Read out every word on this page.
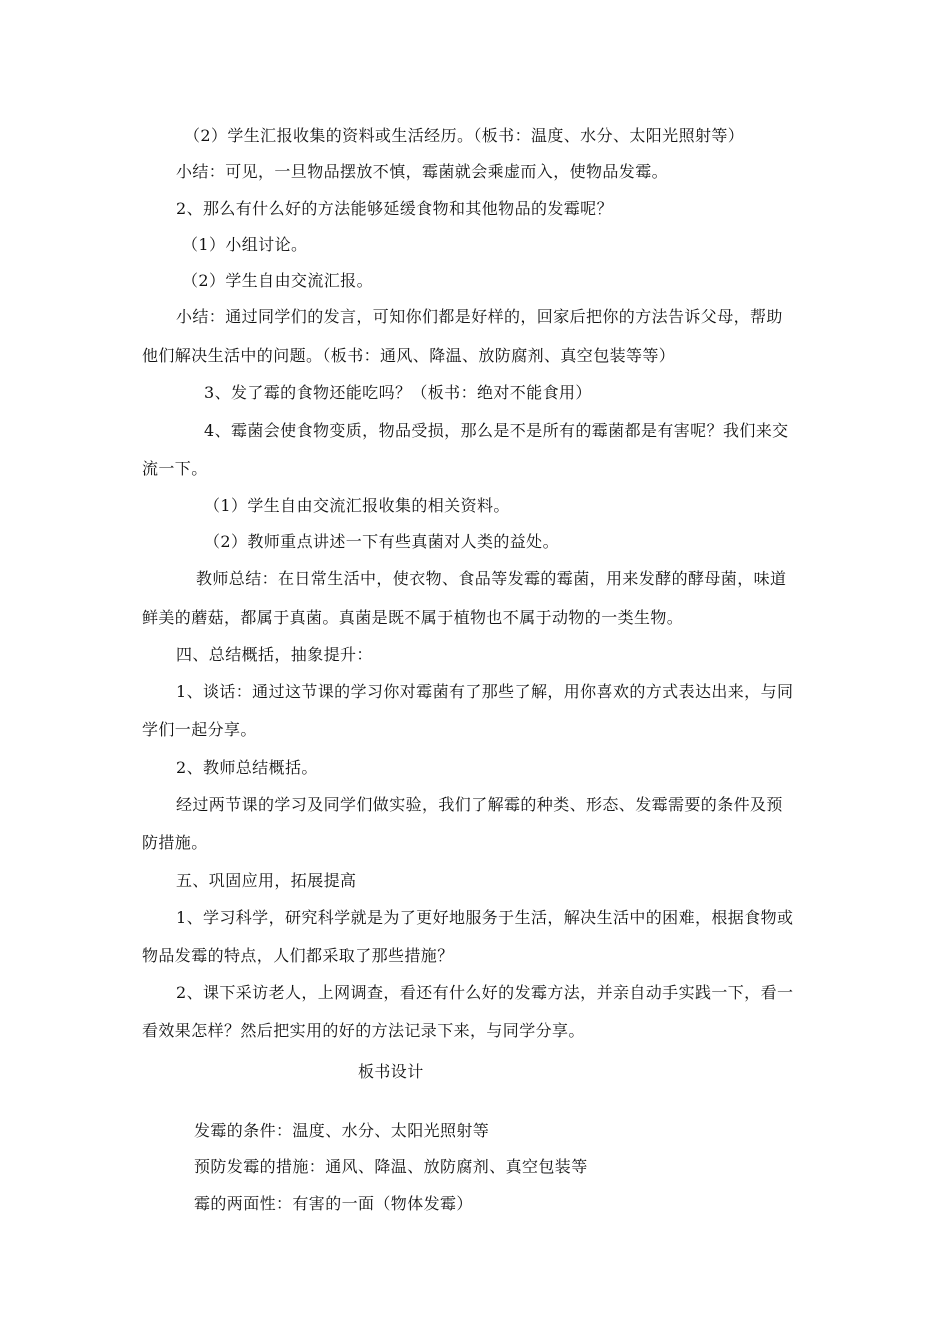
（2）学生汇报收集的资料或生活经历。（板书：温度、水分、太阳光照射等）

小结：可见，一旦物品摆放不慎，霉菌就会乘虚而入，使物品发霉。

2、那么有什么好的方法能够延缓食物和其他物品的发霉呢？

（1）小组讨论。

（2）学生自由交流汇报。

小结：通过同学们的发言，可知你们都是好样的，回家后把你的方法告诉父母，帮助

他们解决生活中的问题。（板书：通风、降温、放防腐剂、真空包装等等）

3、发了霉的食物还能吃吗？（板书：绝对不能食用）

4、霉菌会使食物变质，物品受损，那么是不是所有的霉菌都是有害呢？我们来交

流一下。

（1）学生自由交流汇报收集的相关资料。

（2）教师重点讲述一下有些真菌对人类的益处。

教师总结：在日常生活中，使衣物、食品等发霉的霉菌，用来发酵的酵母菌，味道

鲜美的蘑菇，都属于真菌。真菌是既不属于植物也不属于动物的一类生物。

四、总结概括，抽象提升：

1、谈话：通过这节课的学习你对霉菌有了那些了解，用你喜欢的方式表达出来，与同

学们一起分享。

2、教师总结概括。

经过两节课的学习及同学们做实验，我们了解霉的种类、形态、发霉需要的条件及预

防措施。

五、巩固应用，拓展提高

1、学习科学，研究科学就是为了更好地服务于生活，解决生活中的困难，根据食物或

物品发霉的特点，人们都采取了那些措施？

2、课下采访老人，上网调查，看还有什么好的发霉方法，并亲自动手实践一下，看一

看效果怎样？然后把实用的好的方法记录下来，与同学分享。

板书设计

发霉的条件：温度、水分、太阳光照射等

预防发霉的措施：通风、降温、放防腐剂、真空包装等

霉的两面性：有害的一面（物体发霉）
